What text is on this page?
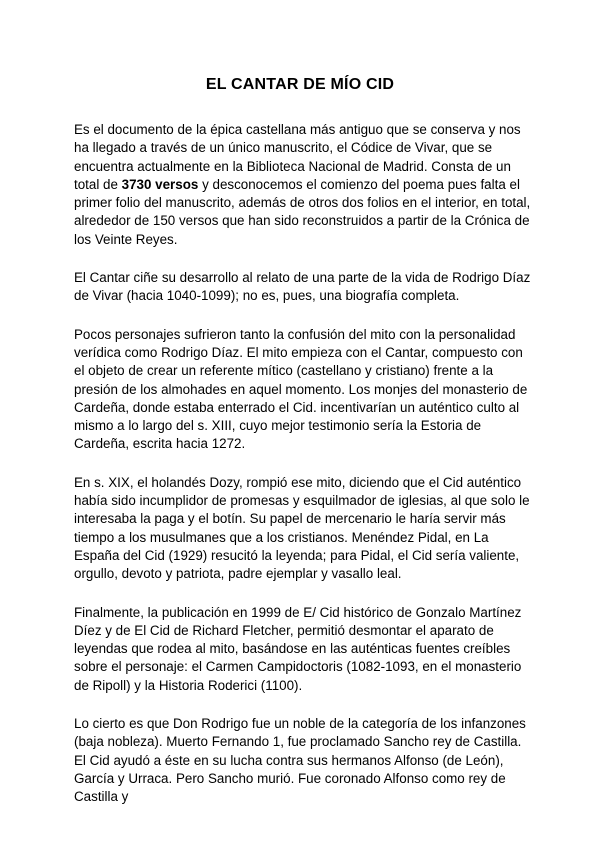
EL CANTAR DE MÍO CID

Es el documento de la épica castellana más antiguo que se conserva y nos ha llegado a través de un único manuscrito, el Códice de Vivar, que se encuentra actualmente en la Biblioteca Nacional de Madrid. Consta de un total de 3730 versos y desconocemos el comienzo del poema pues falta el primer folio del manuscrito, además de otros dos folios en el interior, en total, alrededor de 150 versos que han sido reconstruidos a partir de la Crónica de los Veinte Reyes.

El Cantar ciñe su desarrollo al relato de una parte de la vida de Rodrigo Díaz de Vivar (hacia 1040-1099); no es, pues, una biografía completa.

Pocos personajes sufrieron tanto la confusión del mito con la personalidad verídica como Rodrigo Díaz. El mito empieza con el Cantar, compuesto con el objeto de crear un referente mítico (castellano y cristiano) frente a la presión de los almohades en aquel momento. Los monjes del monasterio de Cardeña, donde estaba enterrado el Cid. incentivarían un auténtico culto al mismo a lo largo del s. XIII, cuyo mejor testimonio sería la Estoria de Cardeña, escrita hacia 1272.

En s. XIX, el holandés Dozy, rompió ese mito, diciendo que el Cid auténtico había sido incumplidor de promesas y esquilmador de iglesias, al que solo le interesaba la paga y el botín. Su papel de mercenario le haría servir más tiempo a los musulmanes que a los cristianos. Menéndez Pidal, en La España del Cid (1929) resucitó la leyenda; para Pidal, el Cid sería valiente, orgullo, devoto y patriota, padre ejemplar y vasallo leal.

Finalmente, la publicación en 1999 de E/ Cid histórico de Gonzalo Martínez Díez y de El Cid de Richard Fletcher, permitió desmontar el aparato de leyendas que rodea al mito, basándose en las auténticas fuentes creíbles sobre el personaje: el Carmen Campidoctoris (1082-1093, en el monasterio de Ripoll) y la Historia Roderici (1100).

Lo cierto es que Don Rodrigo fue un noble de la categoría de los infanzones (baja nobleza). Muerto Fernando 1, fue proclamado Sancho rey de Castilla. El Cid ayudó a éste en su lucha contra sus hermanos Alfonso (de León), García y Urraca. Pero Sancho murió. Fue coronado Alfonso como rey de Castilla y
